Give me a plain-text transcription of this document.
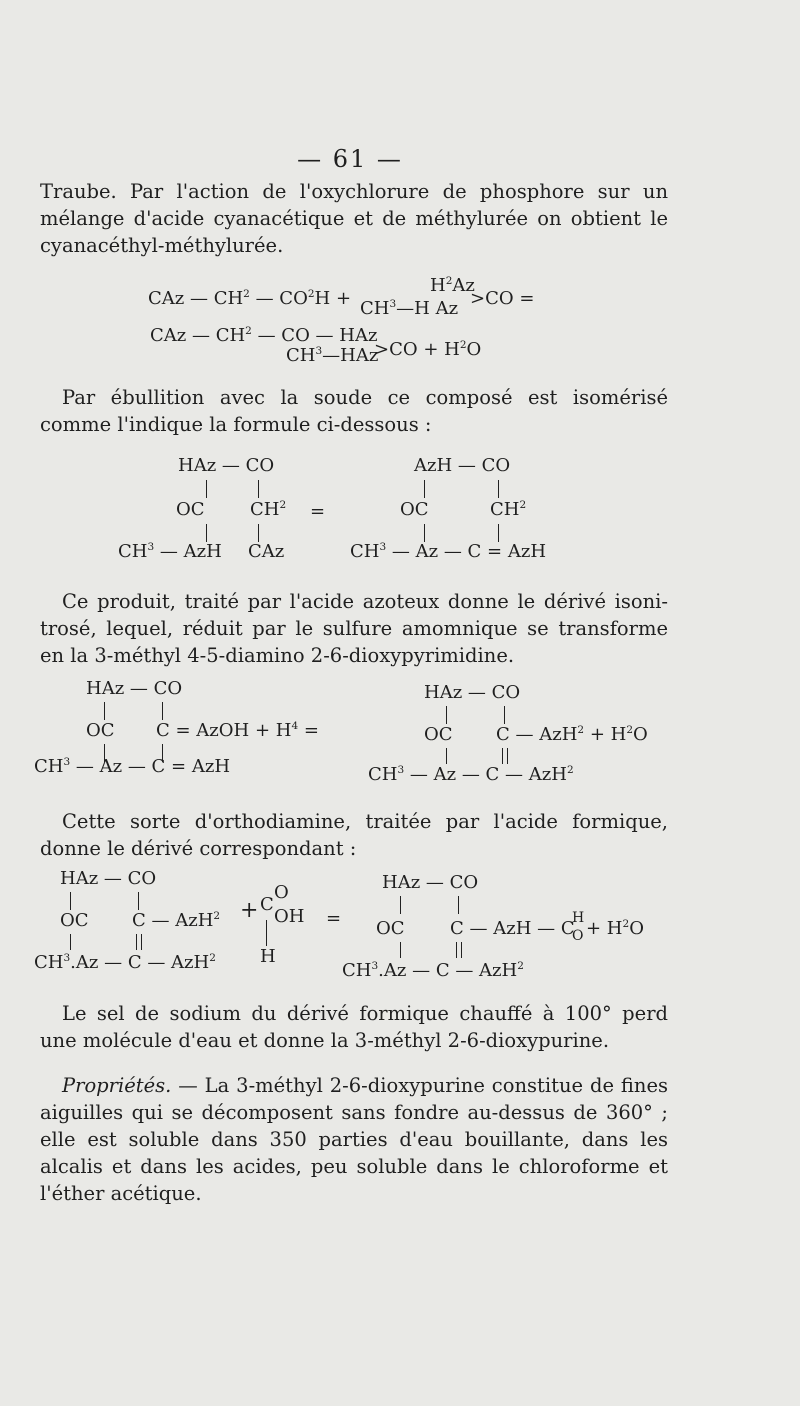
— 61 —
Traube. Par l'action de l'oxychlorure de phosphore sur un mélange d'acide cyanacétique et de méthylurée on obtient le cyanacéthyl-méthylurée.
CAz — $CH^2$ — $CO^2H$ +
$H^2Az$
$CH^3—H$ Az >CO =
CAz — $CH^2$ — CO — HAz
$CH^3—HAz$
$>CO + H^2O$
Par ébullition avec la soude ce composé est isomérisé comme l'indique la formule ci-dessous :
HAz — CO
OC	$CH^2$
$CH^3$ — AzH CAz
=
AzH — CO
OC	$CH^2$
$CH^3$ — Az — C = AzH
Ce produit, traité par l'acide azoteux donne le dérivé isoni-trosé, lequel, réduit par le sulfure amomnique se transforme en la 3-méthyl 4-5-diamino 2-6-dioxypyrimidine.
HAz — CO
OC C = AzOH + $H^4$ =
$CH^3$ — Az — C = AzH
HAz — CO
OC C — $AzH^2 + H^2O$
$CH^3$ — Az — C — AzH$^2$
Cette sorte d'orthodiamine, traitée par l'acide formique, donne le dérivé correspondant :
HAz — CO
OC C — AzH$^2$
$CH^3.Az$ — C — AzH$^2$
+ C
O
OH
H
=
HAz — CO
OC	C — AzH — C
H
$O + H^2O$
$CH^3.Az$ — C — AzH$^2$
Le sel de sodium du dérivé formique chauffé à 100° perd une molécule d'eau et donne la 3-méthyl 2-6-dioxypurine.
Propriétés. — La 3-méthyl 2-6-dioxypurine constitue de fines aiguilles qui se décomposent sans fondre au-dessus de 360° ; elle est soluble dans 350 parties d'eau bouillante, dans les alcalis et dans les acides, peu soluble dans le chloroforme et l'éther acétique.
